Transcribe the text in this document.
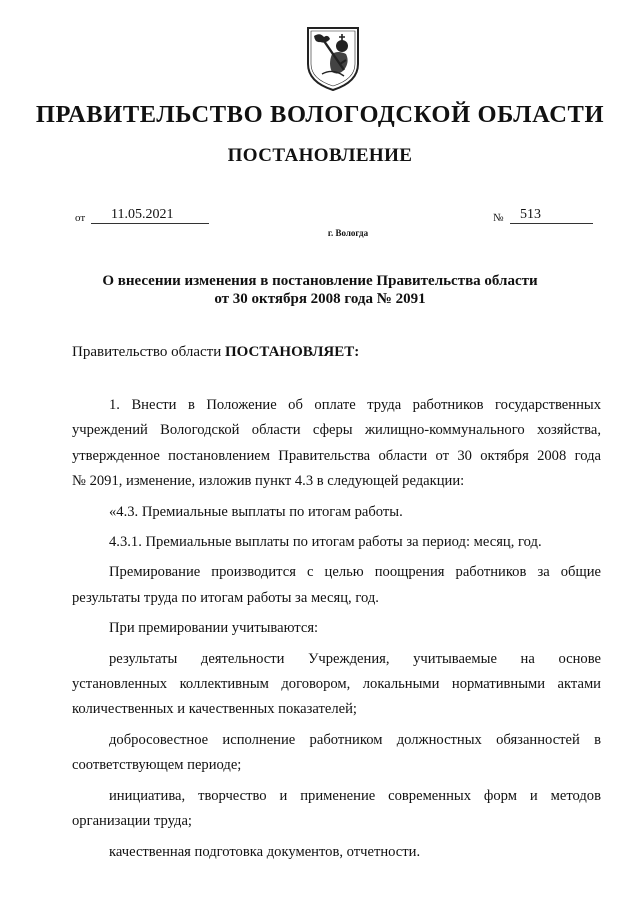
ПРАВИТЕЛЬСТВО ВОЛОГОДСКОЙ ОБЛАСТИ
ПОСТАНОВЛЕНИЕ
от	11.05.2021	№	513
г. Вологда
О внесении изменения в постановление Правительства области
от 30 октября 2008 года № 2091
Правительство области ПОСТАНОВЛЯЕТ:

1. Внести в Положение об оплате труда работников государственных

учреждений Вологодской области сферы жилищно-коммунального хозяйства,

утвержденное постановлением Правительства области от 30 октября 2008 года

№ 2091, изменение, изложив пункт 4.3 в следующей редакции:

«4.3. Премиальные выплаты по итогам работы.

4.3.1. Премиальные выплаты по итогам работы за период: месяц, год.

Премирование производится с целью поощрения работников за общие

результаты труда по итогам работы за месяц, год.

При премировании учитываются:

результаты деятельности Учреждения, учитываемые на основе

установленных коллективным договором, локальными нормативными актами

количественных и качественных показателей;

добросовестное исполнение работником должностных обязанностей в

соответствующем периоде;

инициатива, творчество и применение современных форм и методов

организации труда;

качественная подготовка документов, отчетности.
